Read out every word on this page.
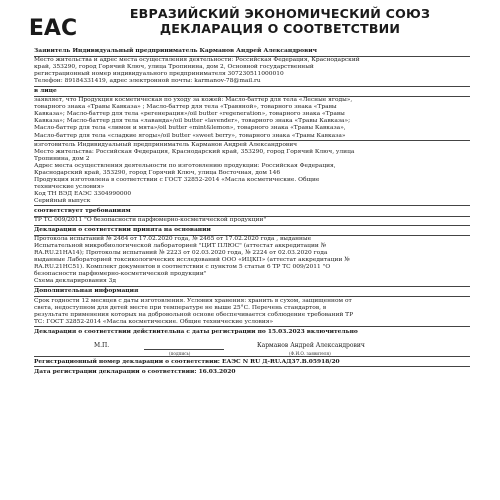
ЕАС
ЕВРАЗИЙСКИЙ ЭКОНОМИЧЕСКИЙ СОЮЗ
ДЕКЛАРАЦИЯ О СООТВЕТСТВИИ
Заявитель Индивидуальный предприниматель Карманов Андрей Александрович
Место жительства и адрес места осуществления деятельности: Российская Федерация, Краснодарский
край, 353290, город Горячий Ключ, улица Тропинина, дом 2, Основной государственный
регистрационный номер индивидуального предпринимателя 307230511000010
Телефон: 89184331419, адрес электронной почты: karmanov-78@mail.ru
в лице
заявляет, что Продукция косметическая по уходу за кожей: Масло-баттер для тела «Лесные ягоды»,
товарного знака «Травы Кавказа» ; Масло-баттер для тела «Травяной», товарного знака «Травы
Кавказа»; Масло-баттер для тела «регенерация»/oil butter «regeneration», товарного знака «Травы
Кавказа»; Масло-баттер для тела «лаванда»/oil butter «lavender», товарного знака «Травы Кавказа»;
Масло-баттер для тела «лимон и мята»/oil butter «mint&lemon», товарного знака «Травы Кавказа»,
Масло-баттер для тела «сладкие ягоды»/oil butter «sweet berry», товарного знака «Травы Кавказа»
изготовитель Индивидуальный предприниматель Карманов Андрей Александрович
Место жительства: Российская Федерация, Краснодарский край, 353290, город Горячий Ключ, улица
Тропинина, дом 2
Адрес места осуществления деятельности по изготовлению продукции: Российская Федерация,
Краснодарский край, 353290, город Горячий Ключ, улица Восточная, дом 146
Продукция изготовлена в соответствии с ГОСТ 32852-2014 «Масла косметические. Общие
технические условия»
Код ТН ВЭД ЕАЭС 3304990000
Серийный выпуск
соответствует требованиям
ТР ТС 009/2011 "О безопасности парфюмерно-косметической продукции"
Декларация о соответствии принята на основании
Протокола испытаний № 2464 от 17.02.2020 года, № 2465 от 17.02.2020 года , выданные
Испытательной микробиологической лабораторией "ЦИТ ПЛЮС" (аттестат аккредитации №
RA.RU.21HA14); Протоколы испытаний № 2223 от 02.03.2020 года, № 2224 от 02.03.2020 года
выданные Лабораторией токсикологических исследований ООО «ИЦКП» (аттестат аккредитации №
RA.RU.21HC51). Комплект документов в соответствии с пунктом 5 статьи 6 ТР ТС 009/2011 "О
безопасности парфюмерно-косметической продукции"
Схема декларирования 3д
Дополнительная информация
Срок годности 12 месяцев с даты изготовления. Условия хранения: хранить в сухом, защищенном от
света, недоступном для детей месте при температуре не выше 25°С. Перечень стандартов, в
результате применения которых на добровольной основе обеспечивается соблюдение требований ТР
ТС: ГОСТ 32852-2014 «Масла косметические. Общие технические условия»
Декларация о соответствии действительна с даты регистрации по 15.03.2023 включительно
М.П.	Карманов Андрей Александрович
(подпись)	(Ф.И.О. заявителя)
Регистрационный номер декларации о соответствии: ЕАЭС N RU Д-RU.АД37.В.05918/20
Дата регистрации декларации о соответствии: 16.03.2020
